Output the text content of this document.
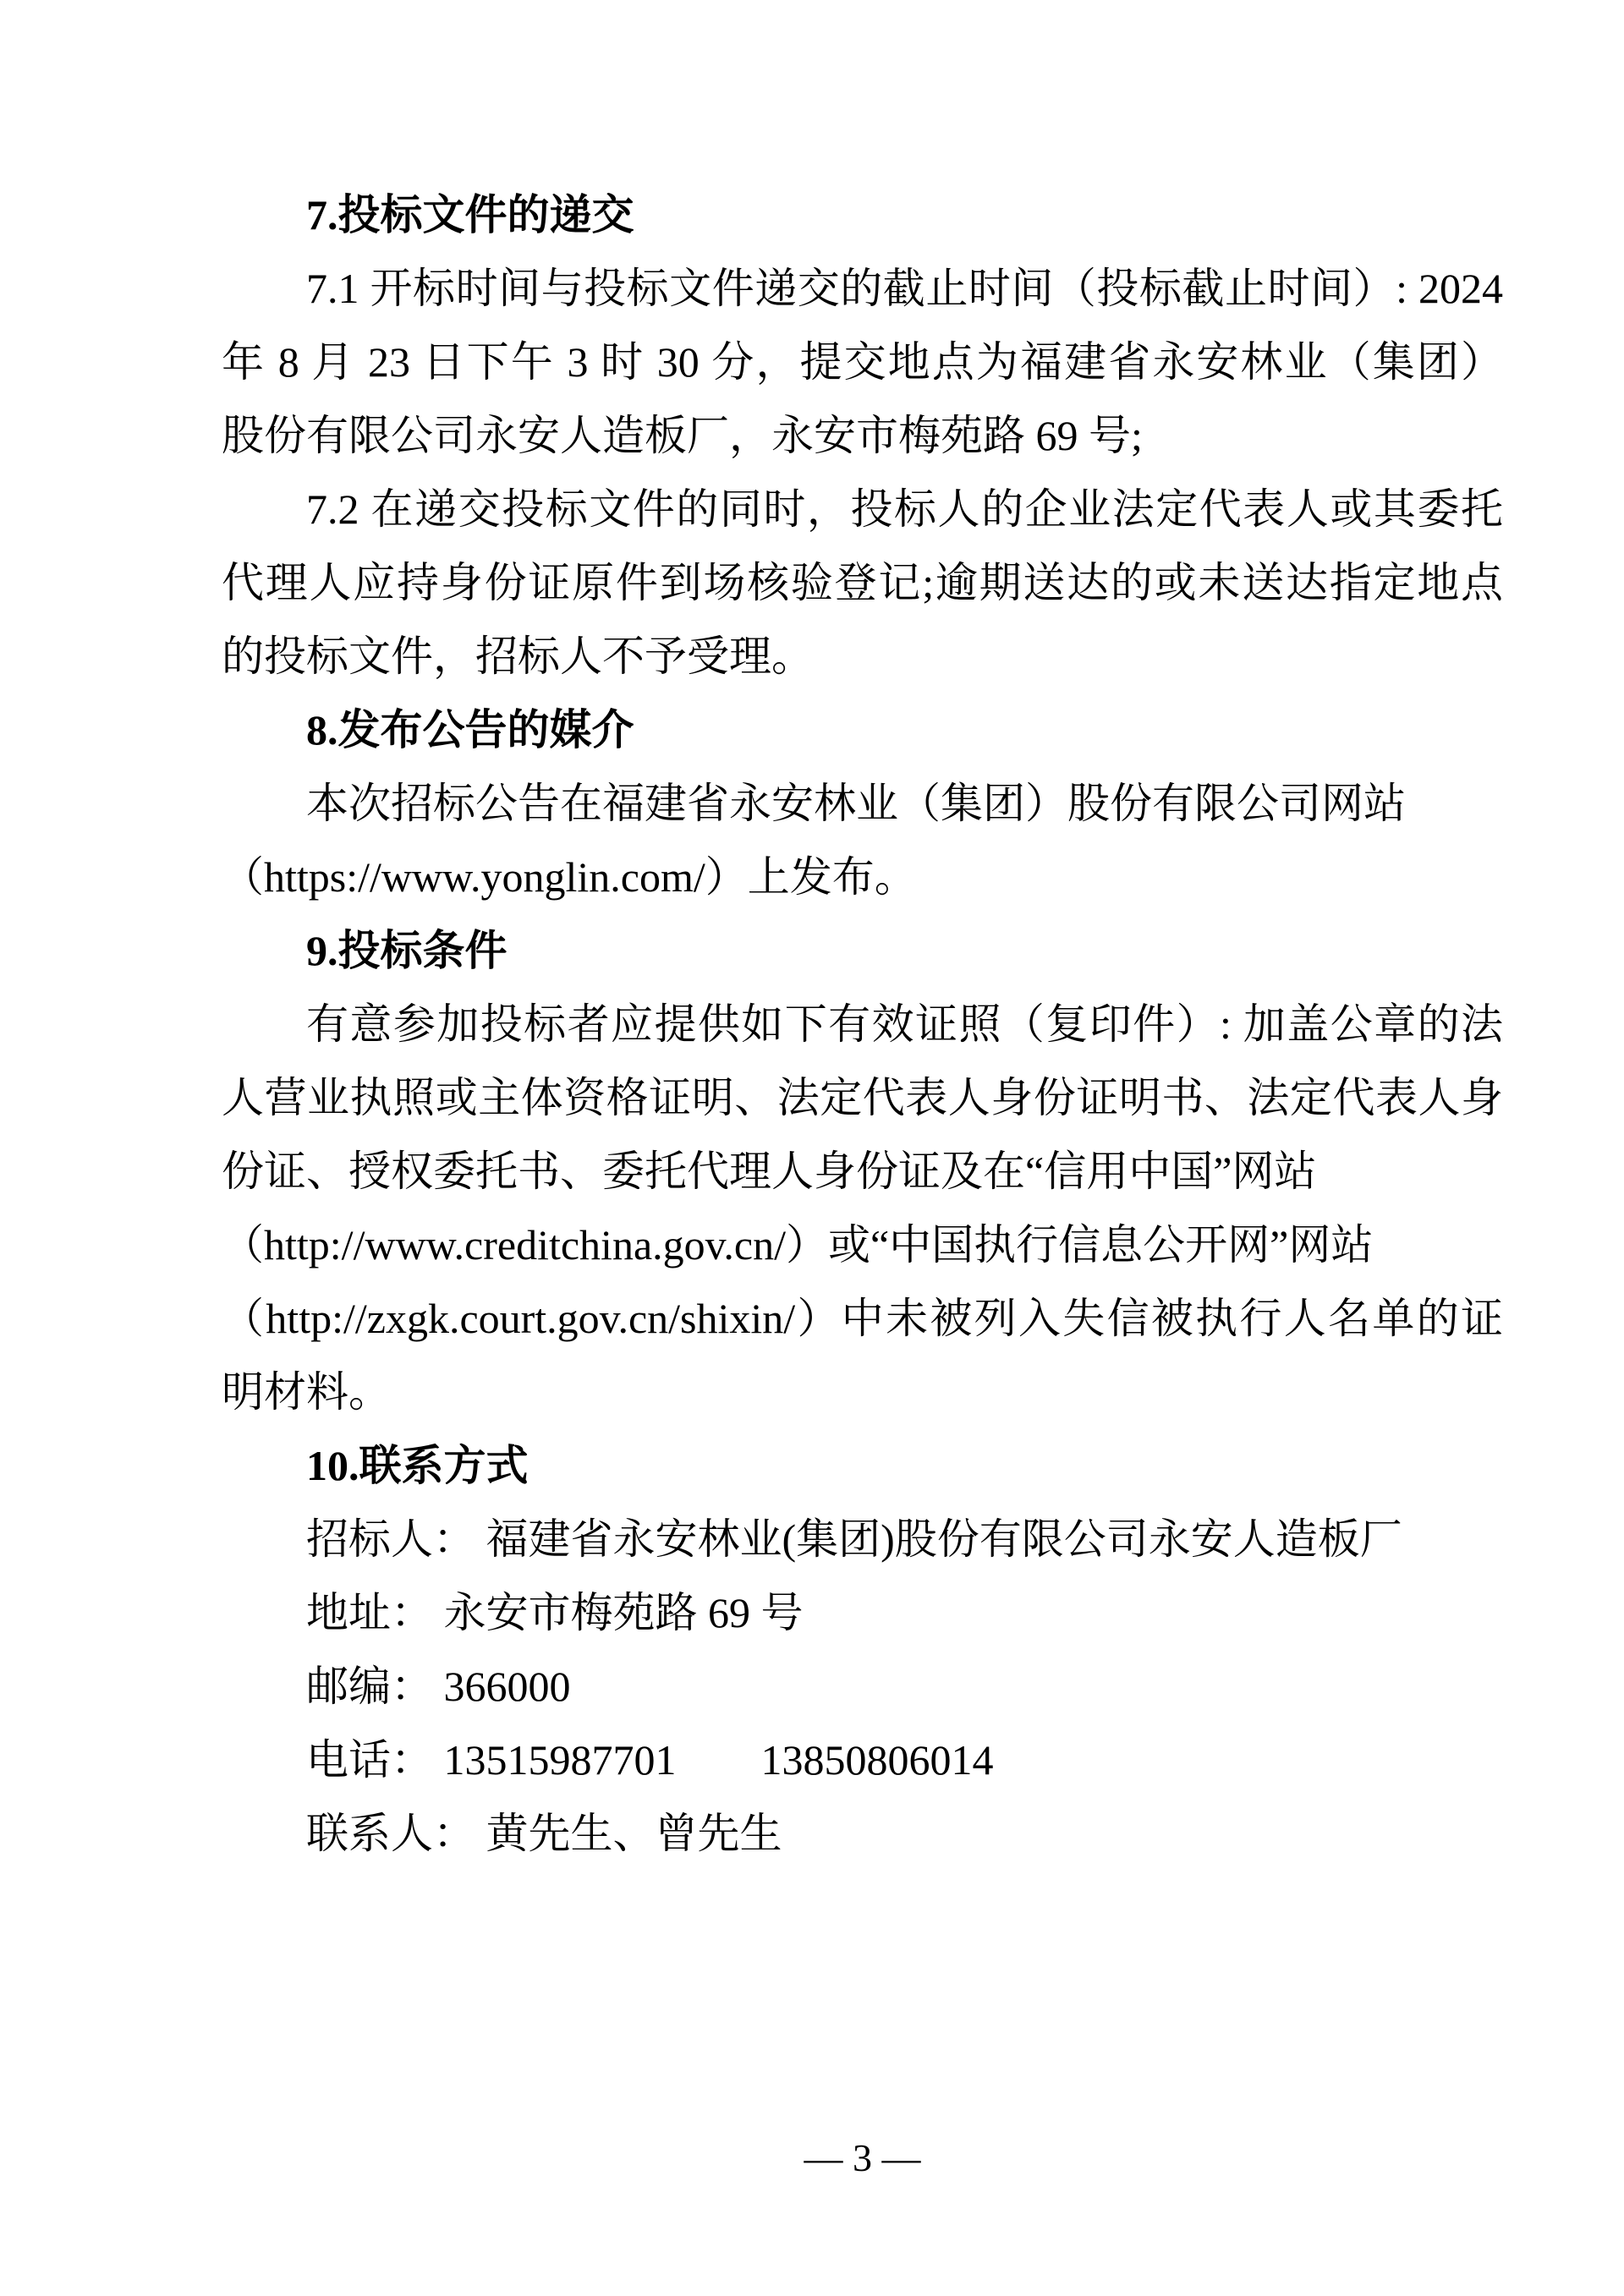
7.投标文件的递交
7.1 开标时间与投标文件递交的截止时间（投标截止时间）: 2024
年 8 月 23 日下午 3 时 30 分，提交地点为福建省永安林业（集团）
股份有限公司永安人造板厂，永安市梅苑路 69 号;
7.2 在递交投标文件的同时，投标人的企业法定代表人或其委托
代理人应持身份证原件到场核验登记;逾期送达的或未送达指定地点
的投标文件，招标人不予受理。
8.发布公告的媒介
本次招标公告在福建省永安林业（集团）股份有限公司网站
（https://www.yonglin.com/）上发布。
9.投标条件
有意参加投标者应提供如下有效证照（复印件）: 加盖公章的法
人营业执照或主体资格证明、法定代表人身份证明书、法定代表人身
份证、授权委托书、委托代理人身份证及在“信用中国”网站
（http://www.creditchina.gov.cn/）或“中国执行信息公开网”网站
（http://zxgk.court.gov.cn/shixin/）中未被列入失信被执行人名单的证
明材料。
10.联系方式
招标人： 福建省永安林业(集团)股份有限公司永安人造板厂
地址： 永安市梅苑路 69 号
邮编： 366000
电话： 13515987701　　13850806014
联系人： 黄先生、曾先生
— 3 —
